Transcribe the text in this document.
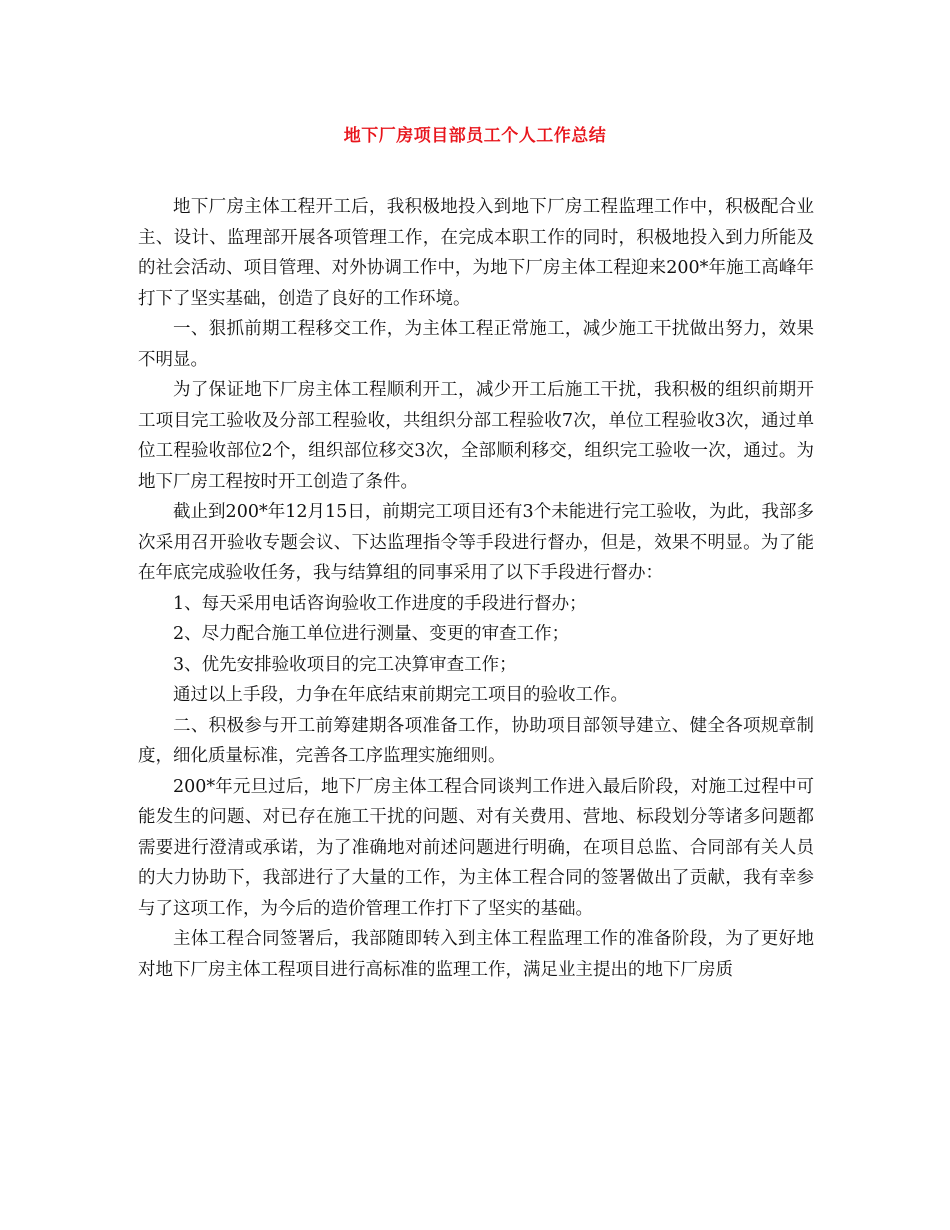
地下厂房项目部员工个人工作总结

地下厂房主体工程开工后，我积极地投入到地下厂房工程监理工作中，积极配合业主、设计、监理部开展各项管理工作，在完成本职工作的同时，积极地投入到力所能及的社会活动、项目管理、对外协调工作中，为地下厂房主体工程迎来200*年施工高峰年打下了坚实基础，创造了良好的工作环境。

一、狠抓前期工程移交工作，为主体工程正常施工，减少施工干扰做出努力，效果不明显。

为了保证地下厂房主体工程顺利开工，减少开工后施工干扰，我积极的组织前期开工项目完工验收及分部工程验收，共组织分部工程验收7次，单位工程验收3次，通过单位工程验收部位2个，组织部位移交3次，全部顺利移交，组织完工验收一次，通过。为地下厂房工程按时开工创造了条件。

截止到200*年12月15日，前期完工项目还有3个未能进行完工验收，为此，我部多次采用召开验收专题会议、下达监理指令等手段进行督办，但是，效果不明显。为了能在年底完成验收任务，我与结算组的同事采用了以下手段进行督办：

1、每天采用电话咨询验收工作进度的手段进行督办；

2、尽力配合施工单位进行测量、变更的审查工作；

3、优先安排验收项目的完工决算审查工作；

通过以上手段，力争在年底结束前期完工项目的验收工作。

二、积极参与开工前筹建期各项准备工作，协助项目部领导建立、健全各项规章制度，细化质量标准，完善各工序监理实施细则。

200*年元旦过后，地下厂房主体工程合同谈判工作进入最后阶段，对施工过程中可能发生的问题、对已存在施工干扰的问题、对有关费用、营地、标段划分等诸多问题都需要进行澄清或承诺，为了准确地对前述问题进行明确，在项目总监、合同部有关人员的大力协助下，我部进行了大量的工作，为主体工程合同的签署做出了贡献，我有幸参与了这项工作，为今后的造价管理工作打下了坚实的基础。

主体工程合同签署后，我部随即转入到主体工程监理工作的准备阶段，为了更好地对地下厂房主体工程项目进行高标准的监理工作，满足业主提出的地下厂房质
